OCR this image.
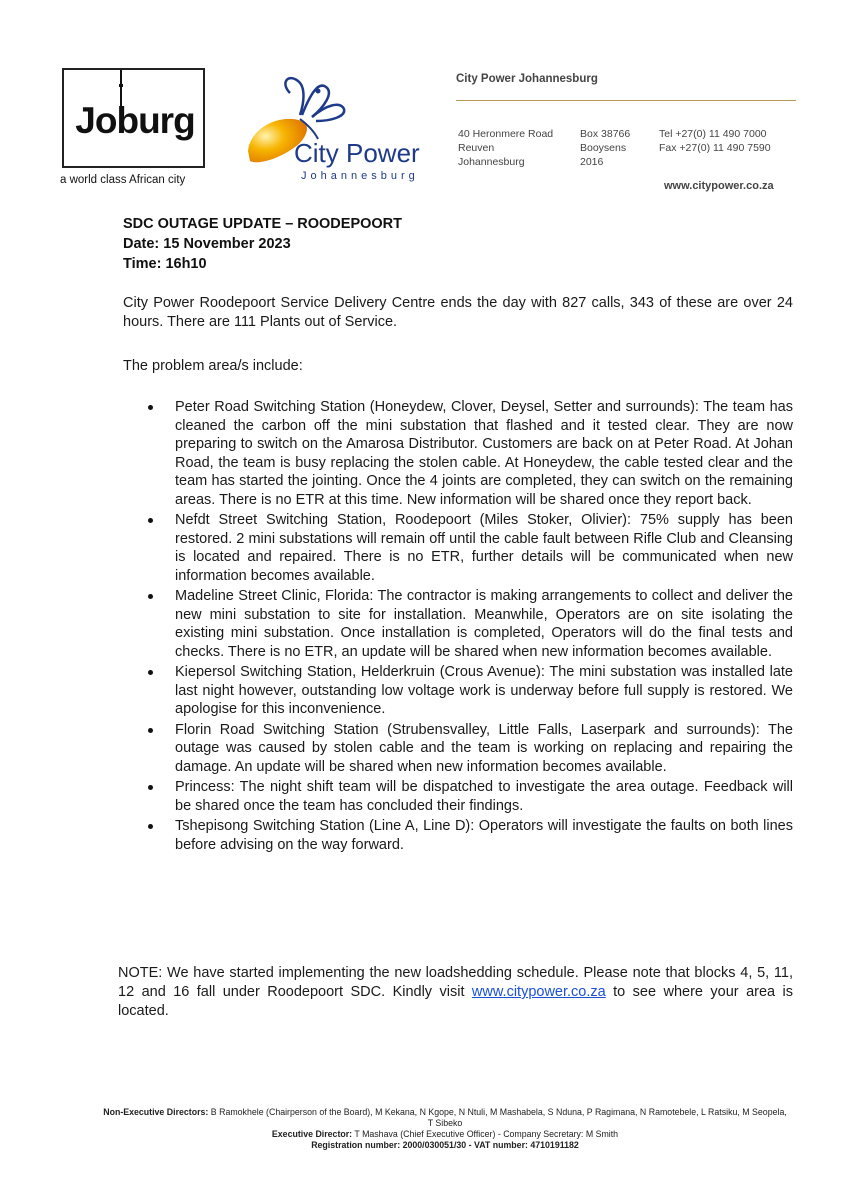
Joburg
a world class African city
City Power
Johannesburg
City Power Johannesburg
40 Heronmere Road
Reuven
Johannesburg
Box 38766
Booysens
2016
Tel +27(0) 11 490 7000
Fax +27(0) 11 490 7590
www.citypower.co.za
SDC OUTAGE UPDATE – ROODEPOORT
Date: 15 November 2023
Time: 16h10
City Power Roodepoort Service Delivery Centre ends the day with 827 calls, 343 of these are over 24 hours. There are 111 Plants out of Service.
The problem area/s include:
Peter Road Switching Station (Honeydew, Clover, Deysel, Setter and surrounds): The team has cleaned the carbon off the mini substation that flashed and it tested clear. They are now preparing to switch on the Amarosa Distributor. Customers are back on at Peter Road. At Johan Road, the team is busy replacing the stolen cable. At Honeydew, the cable tested clear and the team has started the jointing. Once the 4 joints are completed, they can switch on the remaining areas. There is no ETR at this time. New information will be shared once they report back.
Nefdt Street Switching Station, Roodepoort (Miles Stoker, Olivier): 75% supply has been restored. 2 mini substations will remain off until the cable fault between Rifle Club and Cleansing is located and repaired. There is no ETR, further details will be communicated when new information becomes available.
Madeline Street Clinic, Florida: The contractor is making arrangements to collect and deliver the new mini substation to site for installation. Meanwhile, Operators are on site isolating the existing mini substation. Once installation is completed, Operators will do the final tests and checks. There is no ETR, an update will be shared when new information becomes available.
Kiepersol Switching Station, Helderkruin (Crous Avenue): The mini substation was installed late last night however, outstanding low voltage work is underway before full supply is restored. We apologise for this inconvenience.
Florin Road Switching Station (Strubensvalley, Little Falls, Laserpark and surrounds): The outage was caused by stolen cable and the team is working on replacing and repairing the damage. An update will be shared when new information becomes available.
Princess: The night shift team will be dispatched to investigate the area outage. Feedback will be shared once the team has concluded their findings.
Tshepisong Switching Station (Line A, Line D): Operators will investigate the faults on both lines before advising on the way forward.
NOTE: We have started implementing the new loadshedding schedule. Please note that blocks 4, 5, 11, 12 and 16 fall under Roodepoort SDC. Kindly visit www.citypower.co.za to see where your area is located.
Non-Executive Directors: B Ramokhele (Chairperson of the Board), M Kekana, N Kgope, N Ntuli, M Mashabela, S Nduna, P Ragimana, N Ramotebele, L Ratsiku, M Seopela, T Sibeko
Executive Director: T Mashava (Chief Executive Officer) - Company Secretary: M Smith
Registration number: 2000/030051/30 - VAT number: 4710191182
